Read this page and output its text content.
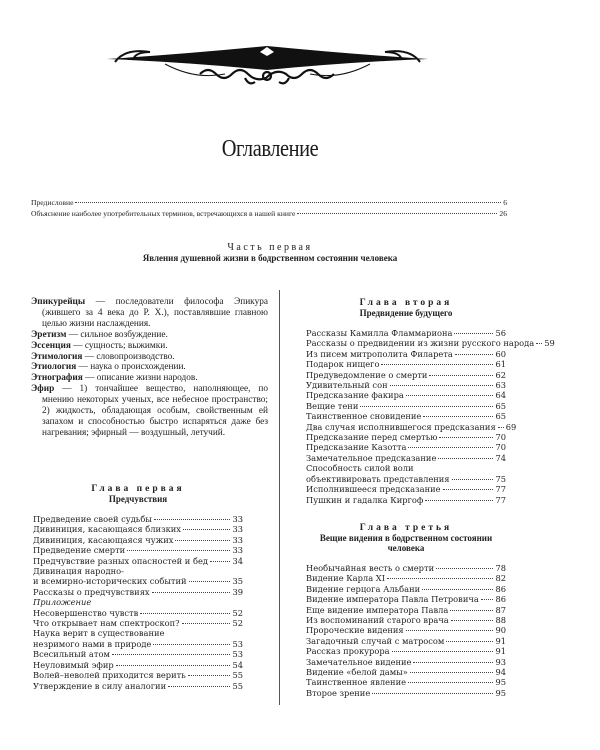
Оглавление
Предисловие	6
Объяснение наиболее употребительных терминов, встречающихся в нашей книге	26
Часть первая
Явления душевной жизни в бодрственном состоянии человека
Эпикурейцы — последователи философа Эпикура (жившего за 4 века до Р. Х.), поставлявшие главною целью жизни наслаждения.
Эретизм — сильное возбуждение.
Эссенция — сущность; выжимки.
Этимология — словопроизводство.
Этиология — наука о происхождении.
Этнография — описание жизни народов.
Эфир — 1) тончайшее вещество, наполняющее, по мнению некоторых ученых, все небесное пространство; 2) жидкость, обладающая особым, свойственным ей запахом и способностью быстро испаряться даже без нагревания; эфирный — воздушный, летучий.
Глава первая
Предчувствия
Предведение своей судьбы	33
Дивиниция, касающаяся близких	33
Дивиниция, касающаяся чужих	33
Предведение смерти	33
Предчувствие разных опасностей и бед	34
Дивинация народно-
и всемирно-исторических событий	35
Рассказы о предчувствиях	39
Приложение
Несовершенство чувств	52
Что открывает нам спектроскоп?	52
Наука верит в существование
незримого нами в природе	53
Всесильный атом	53
Неуловимый эфир	54
Волей–неволей приходится верить	55
Утверждение в силу аналогии	55
Глава вторая
Предвидение будущего
Рассказы Камилла Фламмариона	56
Рассказы о предвидении из жизни русского народа 59
Из писем митрополита Филарета	60
Подарок нищего	61
Предуведомление о смерти	62
Удивительный сон	63
Предсказание факира	64
Вещие тени	65
Таинственное сновидение	65
Два случая исполнившегося предсказания 69
Предсказание перед смертью	70
Предсказание Казотта	70
Замечательное предсказание	74
Способность силой воли
объективировать представления	75
Исполнившееся предсказание	77
Пушкин и гадалка Киргоф	77
Глава третья
Вещие видения в бодрственном состоянии человека
Необычайная весть о смерти	78
Видение Карла XI	82
Видение герцога Альбани	86
Видение императора Павла Петровича 86
Еще видение императора Павла	87
Из воспоминаний старого врача	88
Пророческие видения	90
Загадочный случай с матросом	91
Рассказ прокурора	91
Замечательное видение	93
Видение «белой дамы»	94
Таинственное явление	95
Второе зрение	95
